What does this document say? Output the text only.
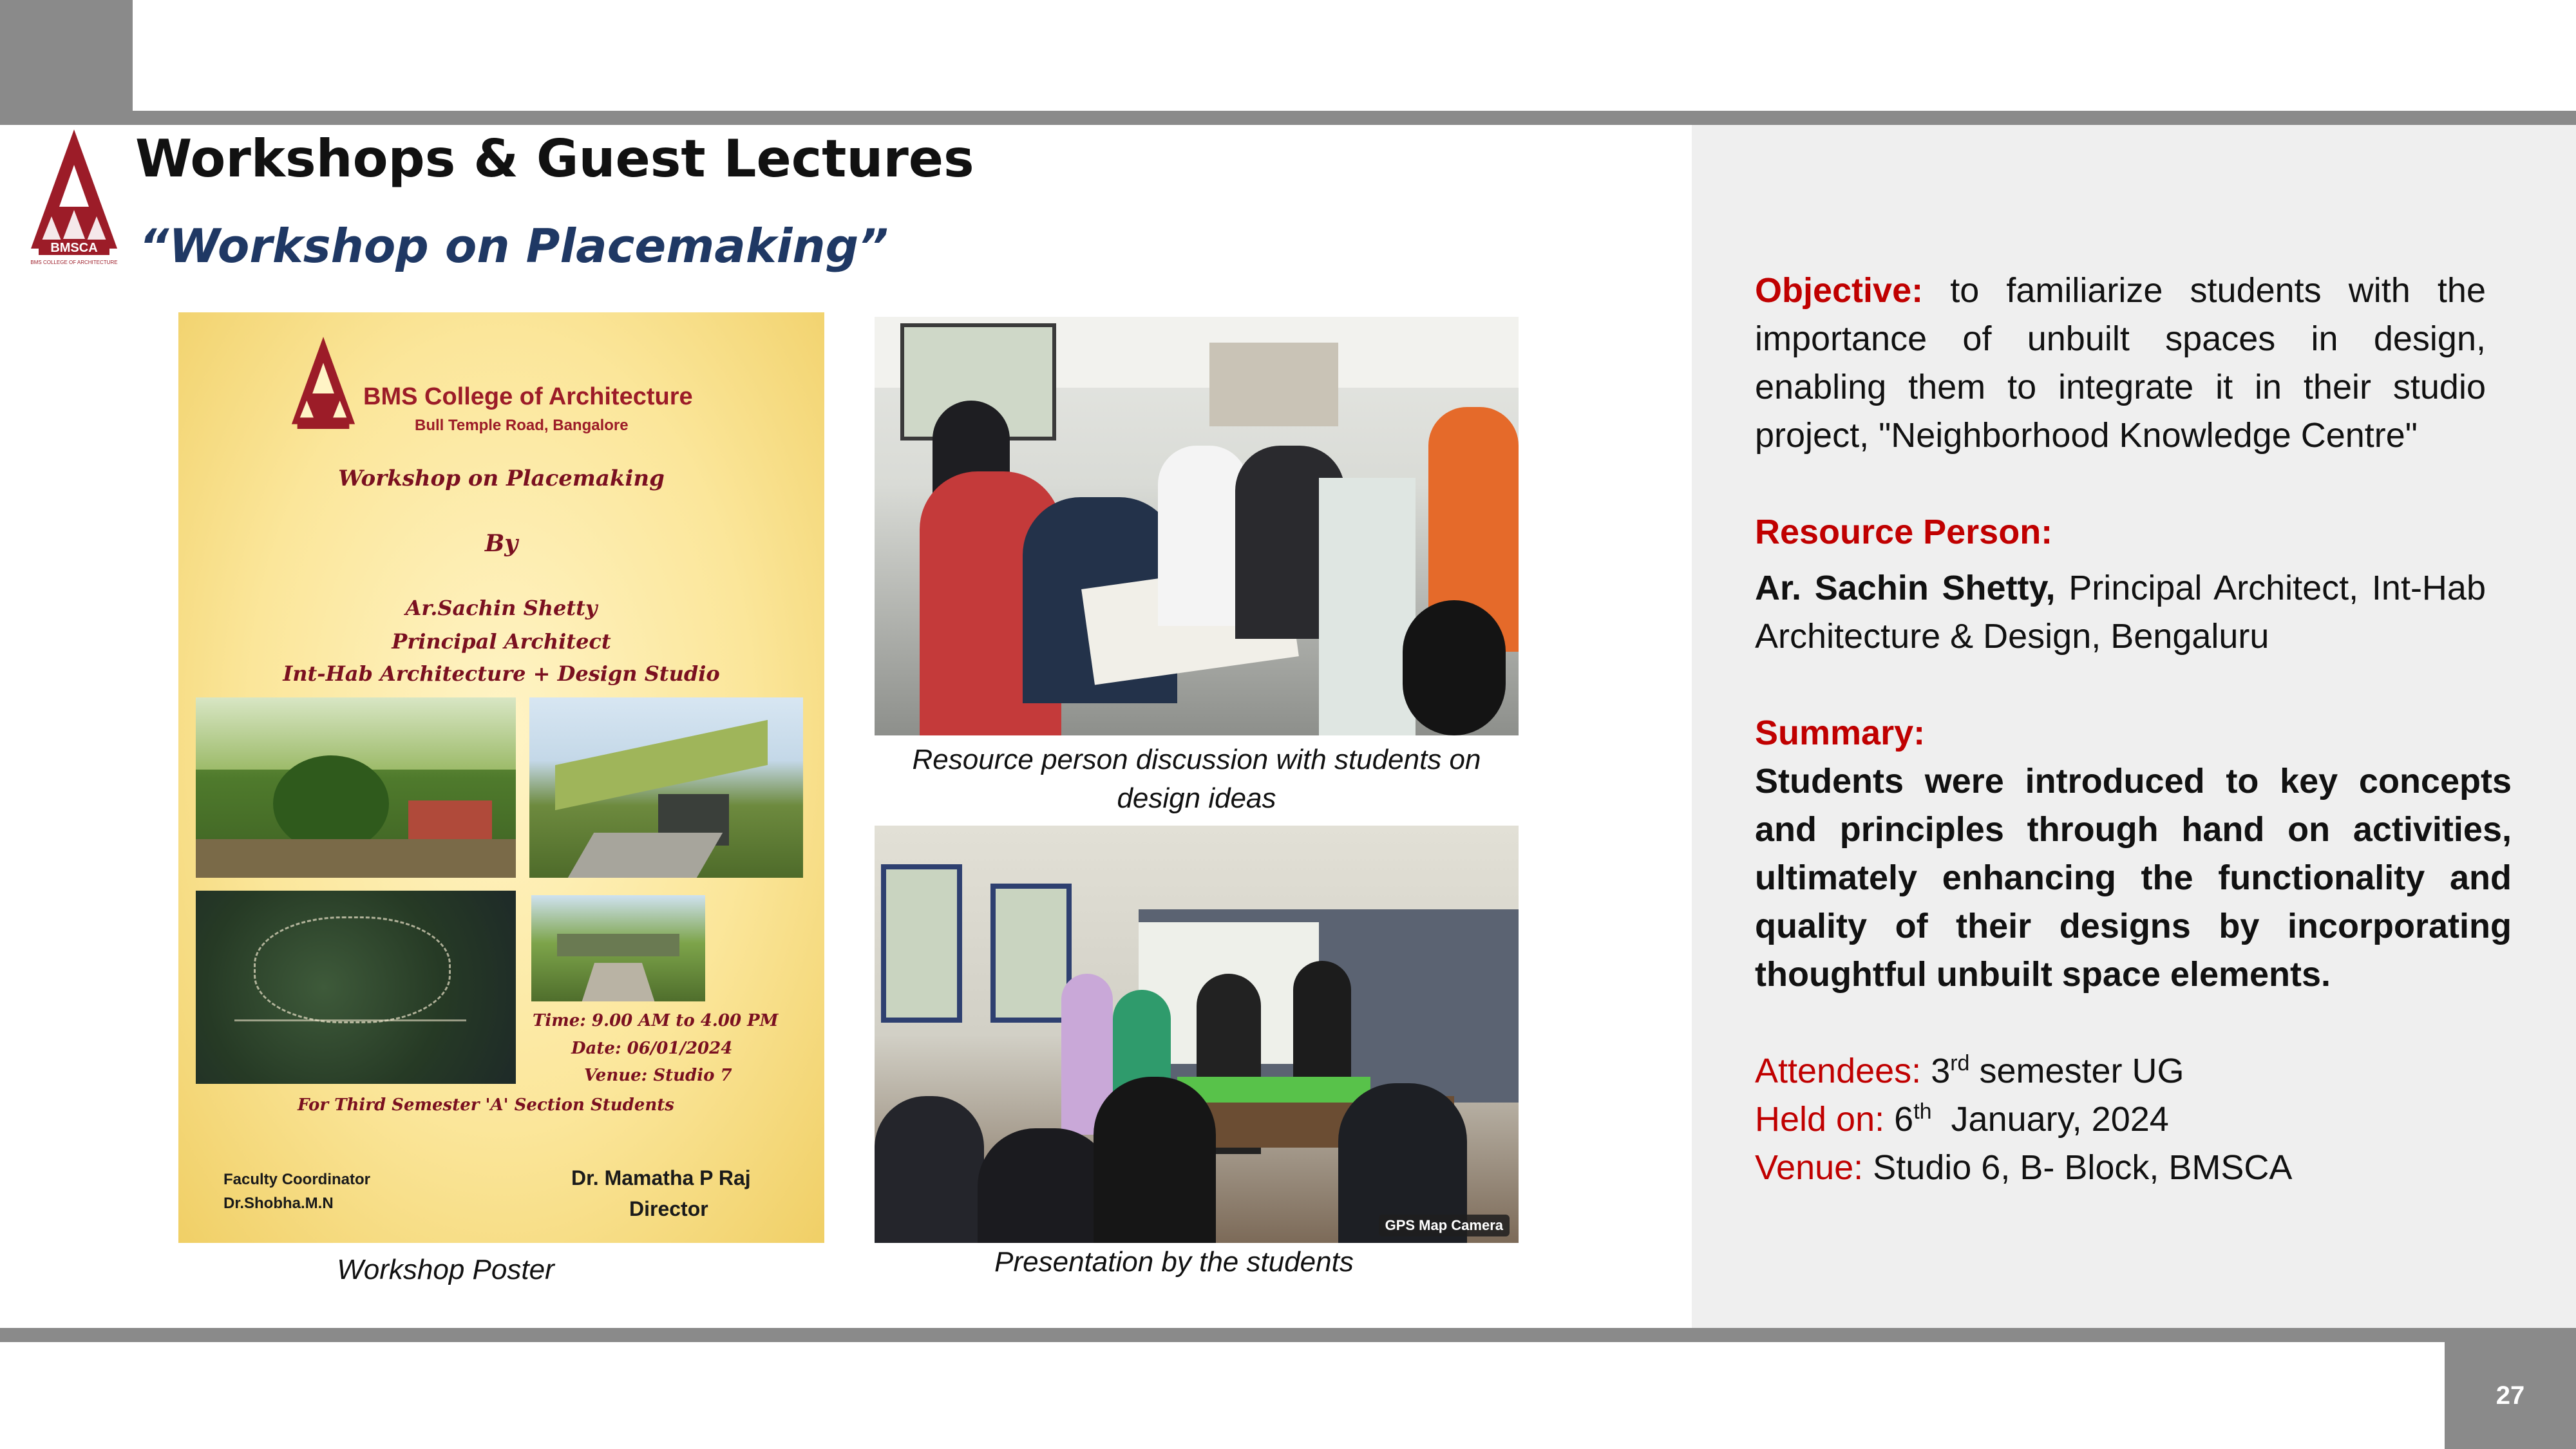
27
BMSCA
BMS COLLEGE OF ARCHITECTURE
Workshops & Guest Lectures
“Workshop on Placemaking”
BMS College of Architecture
Bull Temple Road, Bangalore
Workshop on Placemaking
By
Ar.Sachin Shetty
Principal Architect
Int-Hab Architecture + Design Studio
Time: 9.00 AM to 4.00 PM
Date: 06/01/2024
Venue: Studio 7
For Third Semester 'A' Section Students
Faculty Coordinator
Dr.Shobha.M.N
Dr. Mamatha P Raj
Director
Resource person discussion with students on design ideas
GPS Map Camera
Workshop Poster	Presentation by the students

Objective: to familiarize students with the importance of unbuilt spaces in design, enabling them to integrate it in their studio project, "Neighborhood Knowledge Centre"

Resource Person:

Ar. Sachin Shetty, Principal Architect, Int-Hab Architecture & Design, Bengaluru

Summary:

Students were introduced to key concepts and principles through hand on activities, ultimately enhancing the functionality and quality of their designs by incorporating thoughtful unbuilt space elements.

Attendees: 3rd semester UG

Held on: 6th  January, 2024

Venue: Studio 6, B- Block, BMSCA
